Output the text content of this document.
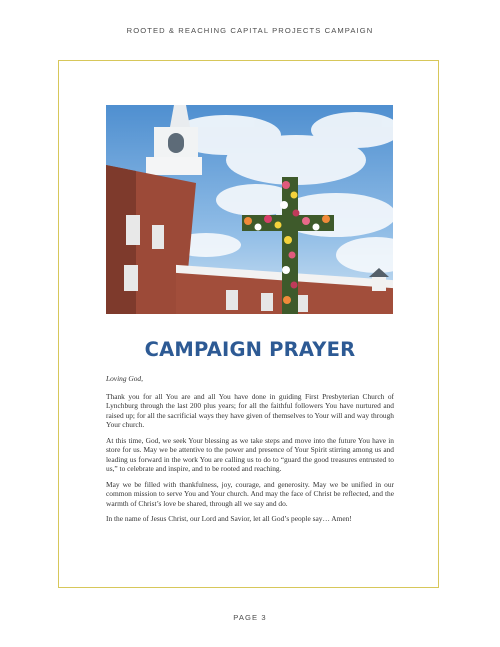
ROOTED & REACHING CAPITAL PROJECTS CAMPAIGN
CAMPAIGN PRAYER

Loving God,

Thank you for all You are and all You have done in guiding First Presbyterian Church of Lynchburg through the last 200 plus years; for all the faithful followers You have nurtured and raised up; for all the sacrificial ways they have given of themselves to Your will and way through Your church.

At this time, God, we seek Your blessing as we take steps and move into the future You have in store for us. May we be attentive to the power and presence of Your Spirit stirring among us and leading us forward in the work You are calling us to do to “guard the good treasures entrusted to us,” to celebrate and inspire, and to be rooted and reaching.

May we be filled with thankfulness, joy, courage, and generosity. May we be unified in our common mission to serve You and Your church. And may the face of Christ be reflected, and the warmth of Christ’s love be shared, through all we say and do.

In the name of Jesus Christ, our Lord and Savior, let all God’s people say… Amen!

PAGE 3
